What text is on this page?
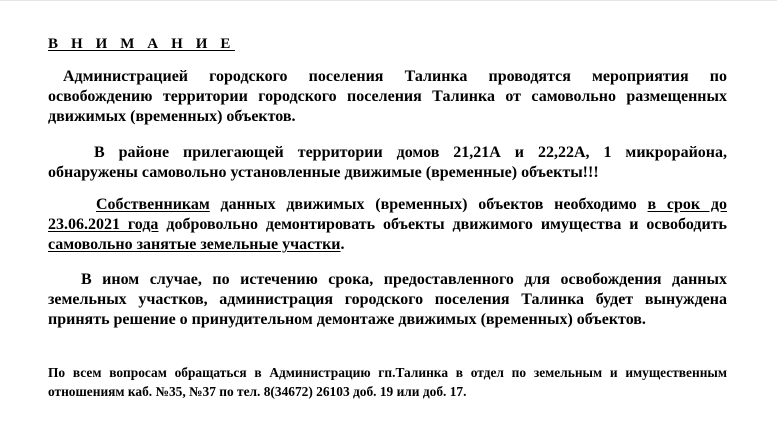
В Н И М А Н И Е

Администрацией городского поселения Талинка проводятся мероприятия по освобождению территории городского поселения Талинка от самовольно размещенных движимых (временных) объектов.

В районе прилегающей территории домов 21,21А и 22,22А, 1 микрорайона, обнаружены самовольно установленные движимые (временные) объекты!!!

Собственникам данных движимых (временных) объектов необходимо в срок до 23.06.2021 года добровольно демонтировать объекты движимого имущества и освободить самовольно занятые земельные участки.

В ином случае, по истечению срока, предоставленного для освобождения данных земельных участков, администрация городского поселения Талинка будет вынуждена принять решение о принудительном демонтаже движимых (временных) объектов.

По всем вопросам обращаться в Администрацию гп.Талинка в отдел по земельным и имущественным отношениям каб. №35, №37 по тел. 8(34672) 26103 доб. 19 или доб. 17.
